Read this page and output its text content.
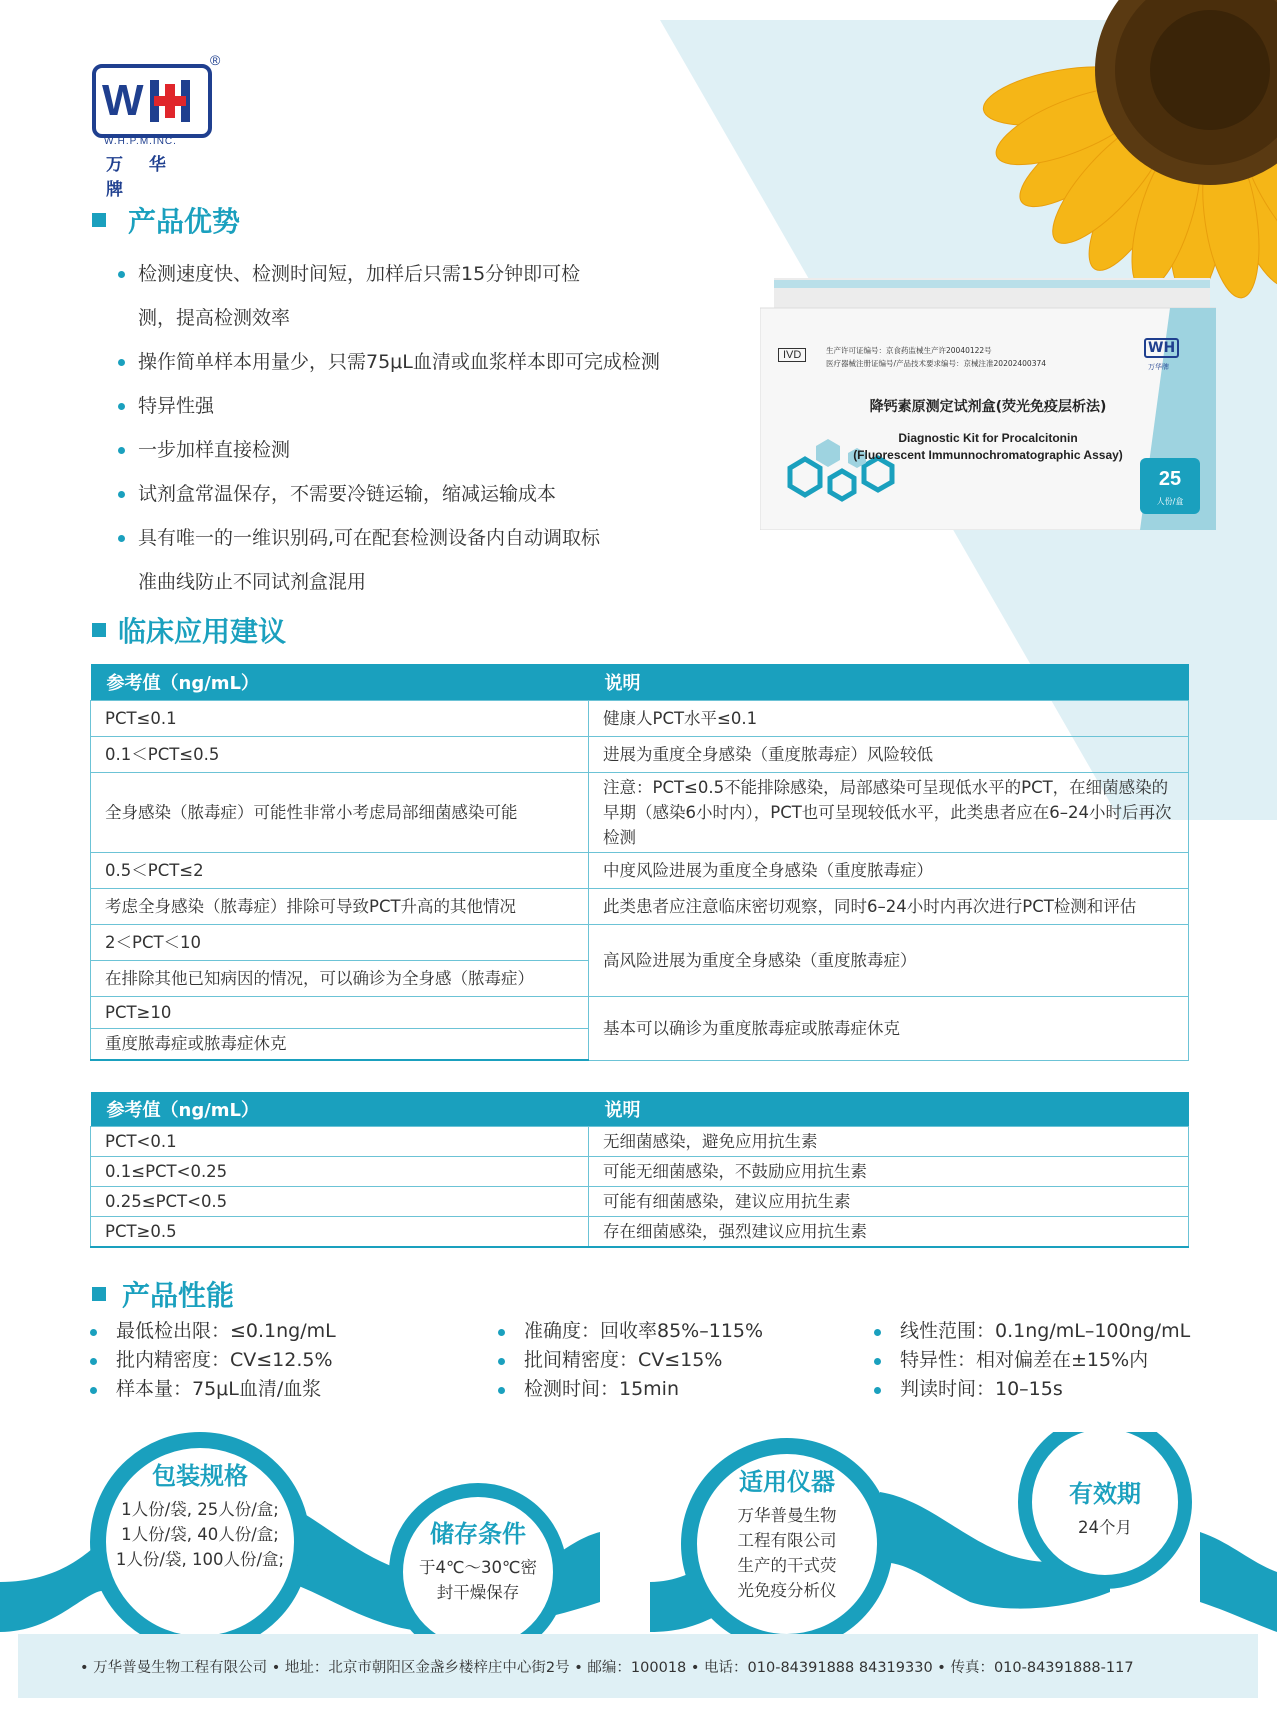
W
®
W.H.P.M.INC.
万 华 牌
产品优势
检测速度快、检测时间短，加样后只需15分钟即可检
测，提高检测效率
操作简单样本用量少，只需75μL血清或血浆样本即可完成检测
特异性强
一步加样直接检测
试剂盒常温保存，不需要冷链运输，缩减运输成本
具有唯一的一维识别码,可在配套检测设备内自动调取标
准曲线防止不同试剂盒混用
IVD	生产许可证编号：京食药监械生产许20040122号
医疗器械注册证编号/产品技术要求编号：京械注准20202400374
WH
万华牌
降钙素原测定试剂盒(荧光免疫层析法)
Diagnostic Kit for Procalcitonin
(Fluorescent Immunnochromatographic Assay)
25
人份/盒
临床应用建议
参考值（ng/mL）	说明
PCT≤0.1	健康人PCT水平≤0.1
0.1＜PCT≤0.5	进展为重度全身感染（重度脓毒症）风险较低
全身感染（脓毒症）可能性非常小考虑局部细菌感染可能	注意：PCT≤0.5不能排除感染，局部感染可呈现低水平的PCT，在细菌感染的早期（感染6小时内），PCT也可呈现较低水平，此类患者应在6–24小时后再次检测
0.5＜PCT≤2	中度风险进展为重度全身感染（重度脓毒症）
考虑全身感染（脓毒症）排除可导致PCT升高的其他情况	此类患者应注意临床密切观察，同时6–24小时内再次进行PCT检测和评估
2＜PCT＜10	高风险进展为重度全身感染（重度脓毒症）
在排除其他已知病因的情况，可以确诊为全身感（脓毒症）	
PCT≥10	基本可以确诊为重度脓毒症或脓毒症休克
重度脓毒症或脓毒症休克	
参考值（ng/mL）	说明
PCT<0.1	无细菌感染，避免应用抗生素
0.1≤PCT<0.25	可能无细菌感染，不鼓励应用抗生素
0.25≤PCT<0.5	可能有细菌感染，建议应用抗生素
PCT≥0.5	存在细菌感染，强烈建议应用抗生素
产品性能
最低检出限：≤0.1ng/mL
批内精密度：CV≤12.5%
样本量：75μL血清/血浆
准确度：回收率85%–115%
批间精密度：CV≤15%
检测时间：15min
线性范围：0.1ng/mL–100ng/mL
特异性：相对偏差在±15%内
判读时间：10–15s
包装规格
1人份/袋, 25人份/盒;
1人份/袋, 40人份/盒;
1人份/袋, 100人份/盒;
储存条件
于4℃～30℃密
封干燥保存
适用仪器
万华普曼生物
工程有限公司
生产的干式荧
光免疫分析仪
有效期
24个月
• 万华普曼生物工程有限公司 • 地址：北京市朝阳区金盏乡楼梓庄中心街2号 • 邮编：100018 • 电话：010-84391888 84319330 • 传真：010-84391888-117
